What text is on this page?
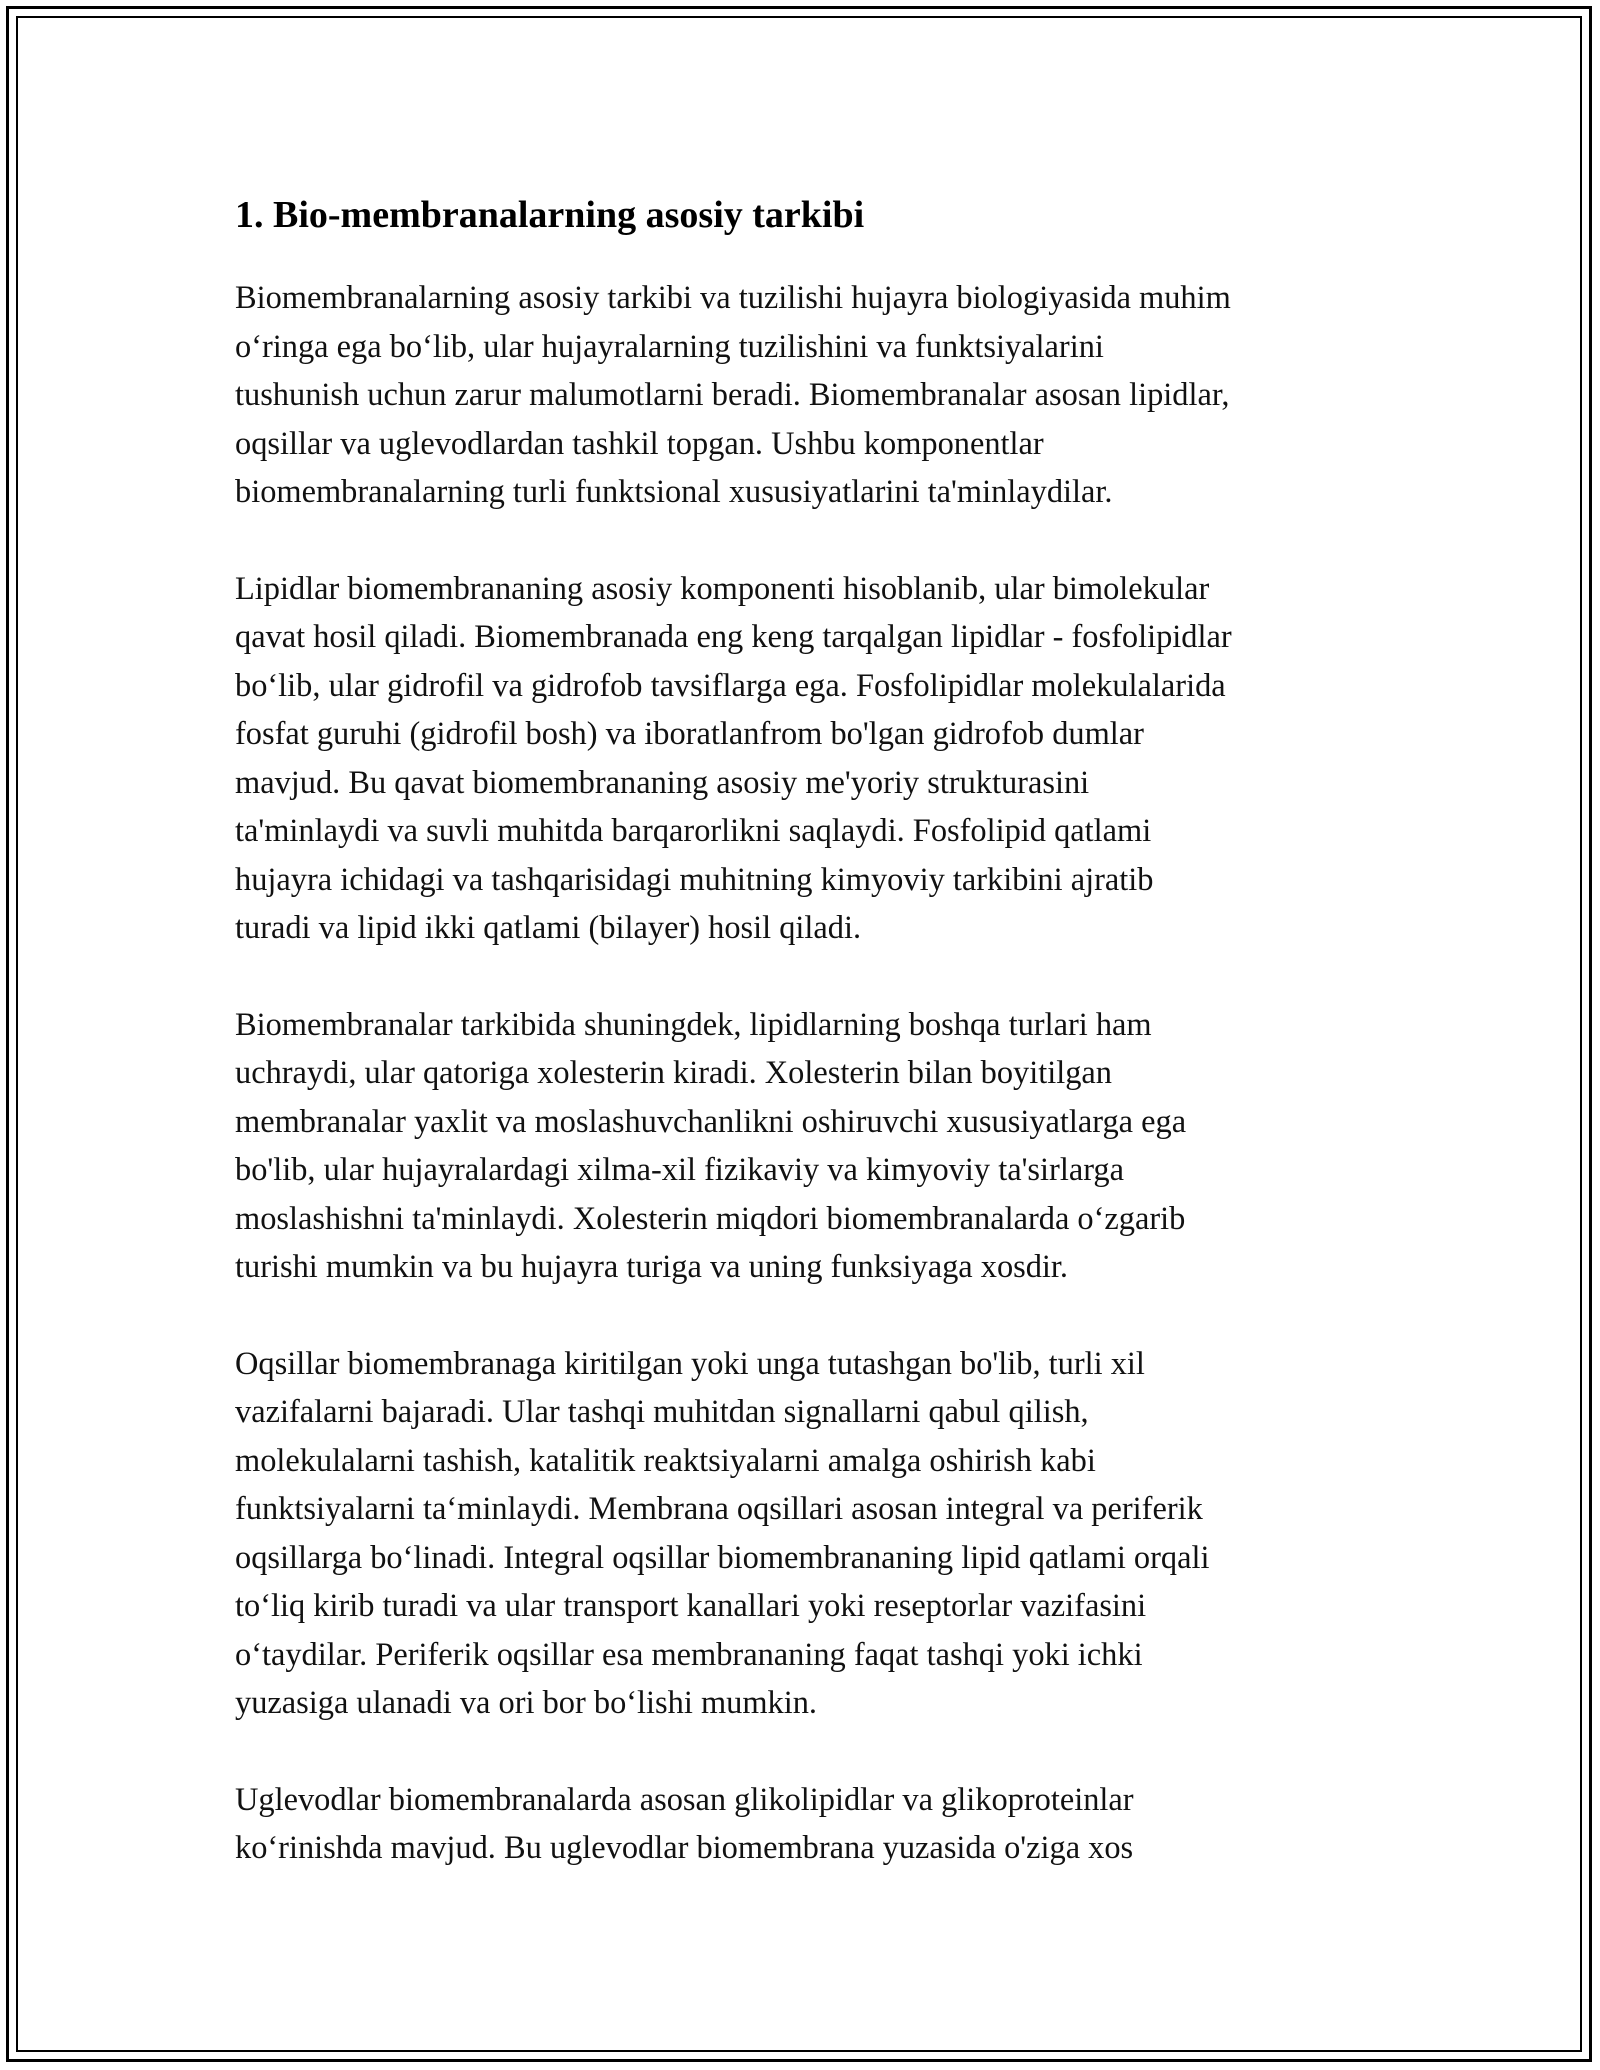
1. Bio-membranalarning asosiy tarkibi

Biomembranalarning asosiy tarkibi va tuzilishi hujayra biologiyasida muhim
o‘ringa ega bo‘lib, ular hujayralarning tuzilishini va funktsiyalarini
tushunish uchun zarur malumotlarni beradi. Biomembranalar asosan lipidlar,
oqsillar va uglevodlardan tashkil topgan. Ushbu komponentlar
biomembranalarning turli funktsional xususiyatlarini ta'minlaydilar.

Lipidlar biomembrananing asosiy komponenti hisoblanib, ular bimolekular
qavat hosil qiladi. Biomembranada eng keng tarqalgan lipidlar - fosfolipidlar
bo‘lib, ular gidrofil va gidrofob tavsiflarga ega. Fosfolipidlar molekulalarida
fosfat guruhi (gidrofil bosh) va iboratlanfrom bo'lgan gidrofob dumlar
mavjud. Bu qavat biomembrananing asosiy me'yoriy strukturasini
ta'minlaydi va suvli muhitda barqarorlikni saqlaydi. Fosfolipid qatlami
hujayra ichidagi va tashqarisidagi muhitning kimyoviy tarkibini ajratib
turadi va lipid ikki qatlami (bilayer) hosil qiladi.

Biomembranalar tarkibida shuningdek, lipidlarning boshqa turlari ham
uchraydi, ular qatoriga xolesterin kiradi. Xolesterin bilan boyitilgan
membranalar yaxlit va moslashuvchanlikni oshiruvchi xususiyatlarga ega
bo'lib, ular hujayralardagi xilma-xil fizikaviy va kimyoviy ta'sirlarga
moslashishni ta'minlaydi. Xolesterin miqdori biomembranalarda o‘zgarib
turishi mumkin va bu hujayra turiga va uning funksiyaga xosdir.

Oqsillar biomembranaga kiritilgan yoki unga tutashgan bo'lib, turli xil
vazifalarni bajaradi. Ular tashqi muhitdan signallarni qabul qilish,
molekulalarni tashish, katalitik reaktsiyalarni amalga oshirish kabi
funktsiyalarni ta‘minlaydi. Membrana oqsillari asosan integral va periferik
oqsillarga bo‘linadi. Integral oqsillar biomembrananing lipid qatlami orqali
to‘liq kirib turadi va ular transport kanallari yoki reseptorlar vazifasini
o‘taydilar. Periferik oqsillar esa membrananing faqat tashqi yoki ichki
yuzasiga ulanadi va ori bor bo‘lishi mumkin.

Uglevodlar biomembranalarda asosan glikolipidlar va glikoproteinlar
ko‘rinishda mavjud. Bu uglevodlar biomembrana yuzasida o'ziga xos
